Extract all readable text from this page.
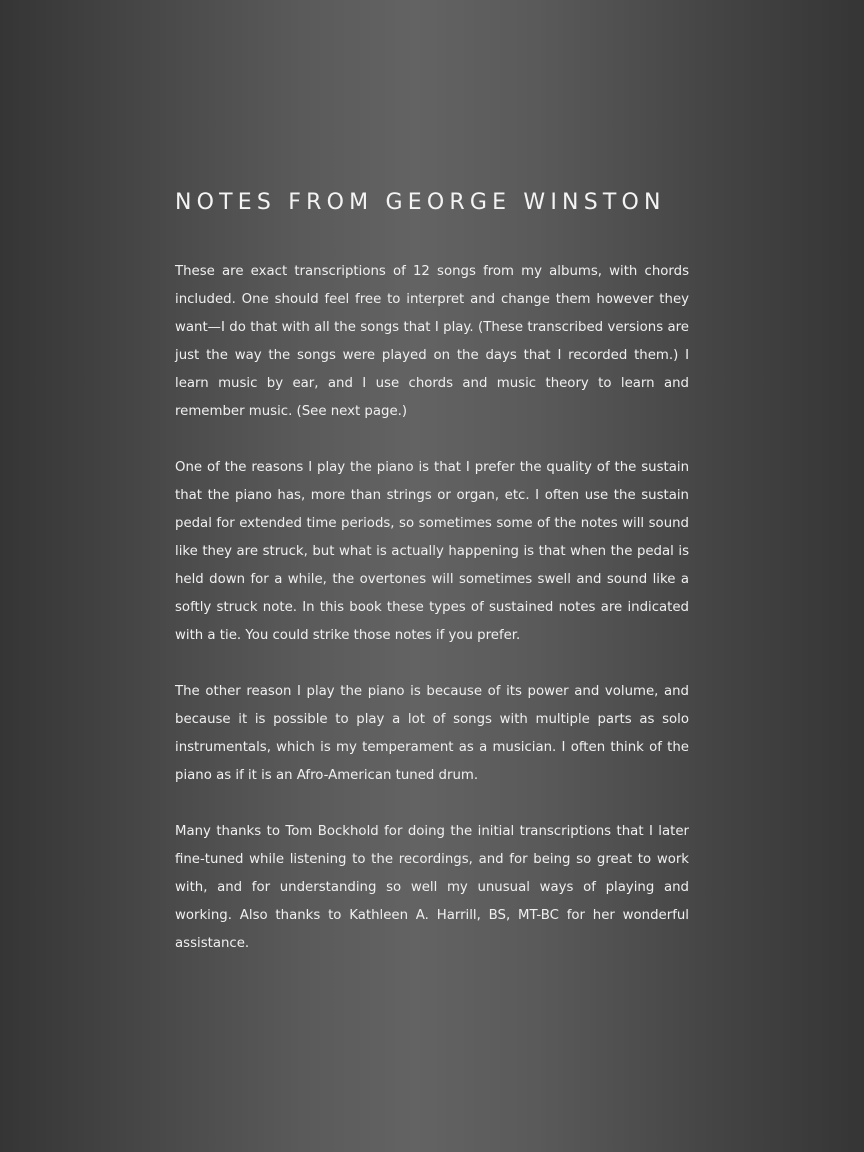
NOTES FROM GEORGE WINSTON

These are exact transcriptions of 12 songs from my albums, with chords included. One should feel free to interpret and change them however they want—I do that with all the songs that I play. (These transcribed versions are just the way the songs were played on the days that I recorded them.) I learn music by ear, and I use chords and music theory to learn and remember music. (See next page.)

One of the reasons I play the piano is that I prefer the quality of the sustain that the piano has, more than strings or organ, etc. I often use the sustain pedal for extended time periods, so sometimes some of the notes will sound like they are struck, but what is actually happening is that when the pedal is held down for a while, the overtones will sometimes swell and sound like a softly struck note. In this book these types of sustained notes are indicated with a tie. You could strike those notes if you prefer.

The other reason I play the piano is because of its power and volume, and because it is possible to play a lot of songs with multiple parts as solo instrumentals, which is my temperament as a musician. I often think of the piano as if it is an Afro-American tuned drum.

Many thanks to Tom Bockhold for doing the initial transcriptions that I later fine-tuned while listening to the recordings, and for being so great to work with, and for understanding so well my unusual ways of playing and working. Also thanks to Kathleen A. Harrill, BS, MT-BC for her wonderful assistance.
